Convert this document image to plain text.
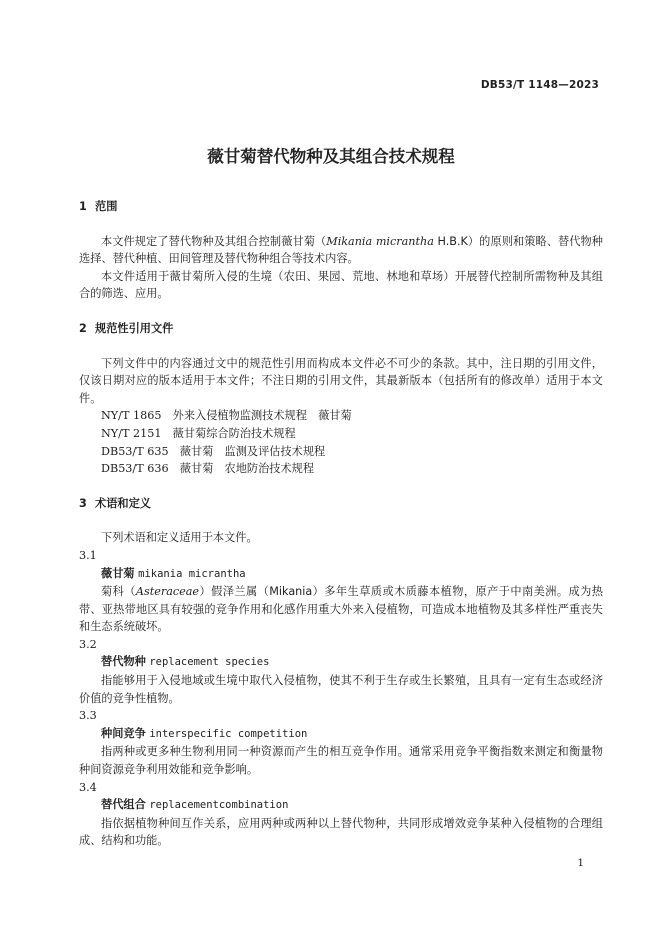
DB53/T 1148—2023
薇甘菊替代物种及其组合技术规程
1 范围

本文件规定了替代物种及其组合控制薇甘菊（Mikania micrantha H.B.K）的原则和策略、替代物种选择、替代种植、田间管理及替代物种组合等技术内容。

本文件适用于薇甘菊所入侵的生境（农田、果园、荒地、林地和草场）开展替代控制所需物种及其组合的筛选、应用。

2 规范性引用文件

下列文件中的内容通过文中的规范性引用而构成本文件必不可少的条款。其中，注日期的引用文件，仅该日期对应的版本适用于本文件；不注日期的引用文件，其最新版本（包括所有的修改单）适用于本文件。

NY/T 1865　 外来入侵植物监测技术规程　薇甘菊
NY/T 2151　 薇甘菊综合防治技术规程
DB53/T 635　 薇甘菊　监测及评估技术规程
DB53/T 636　 薇甘菊　农地防治技术规程
3 术语和定义

下列术语和定义适用于本文件。

3.1
薇甘菊 mikania micrantha

菊科（Asteraceae）假泽兰属（Mikania）多年生草质或木质藤本植物，原产于中南美洲。成为热带、亚热带地区具有较强的竞争作用和化感作用重大外来入侵植物，可造成本地植物及其多样性严重丧失和生态系统破坏。

3.2
替代物种 replacement species

指能够用于入侵地域或生境中取代入侵植物，使其不利于生存或生长繁殖，且具有一定有生态或经济价值的竞争性植物。

3.3
种间竞争 interspecific competition

指两种或更多种生物利用同一种资源而产生的相互竞争作用。通常采用竞争平衡指数来测定和衡量物种间资源竞争利用效能和竞争影响。

3.4
替代组合 replacementcombination

指依据植物种间互作关系，应用两种或两种以上替代物种，共同形成增效竞争某种入侵植物的合理组成、结构和功能。

1
